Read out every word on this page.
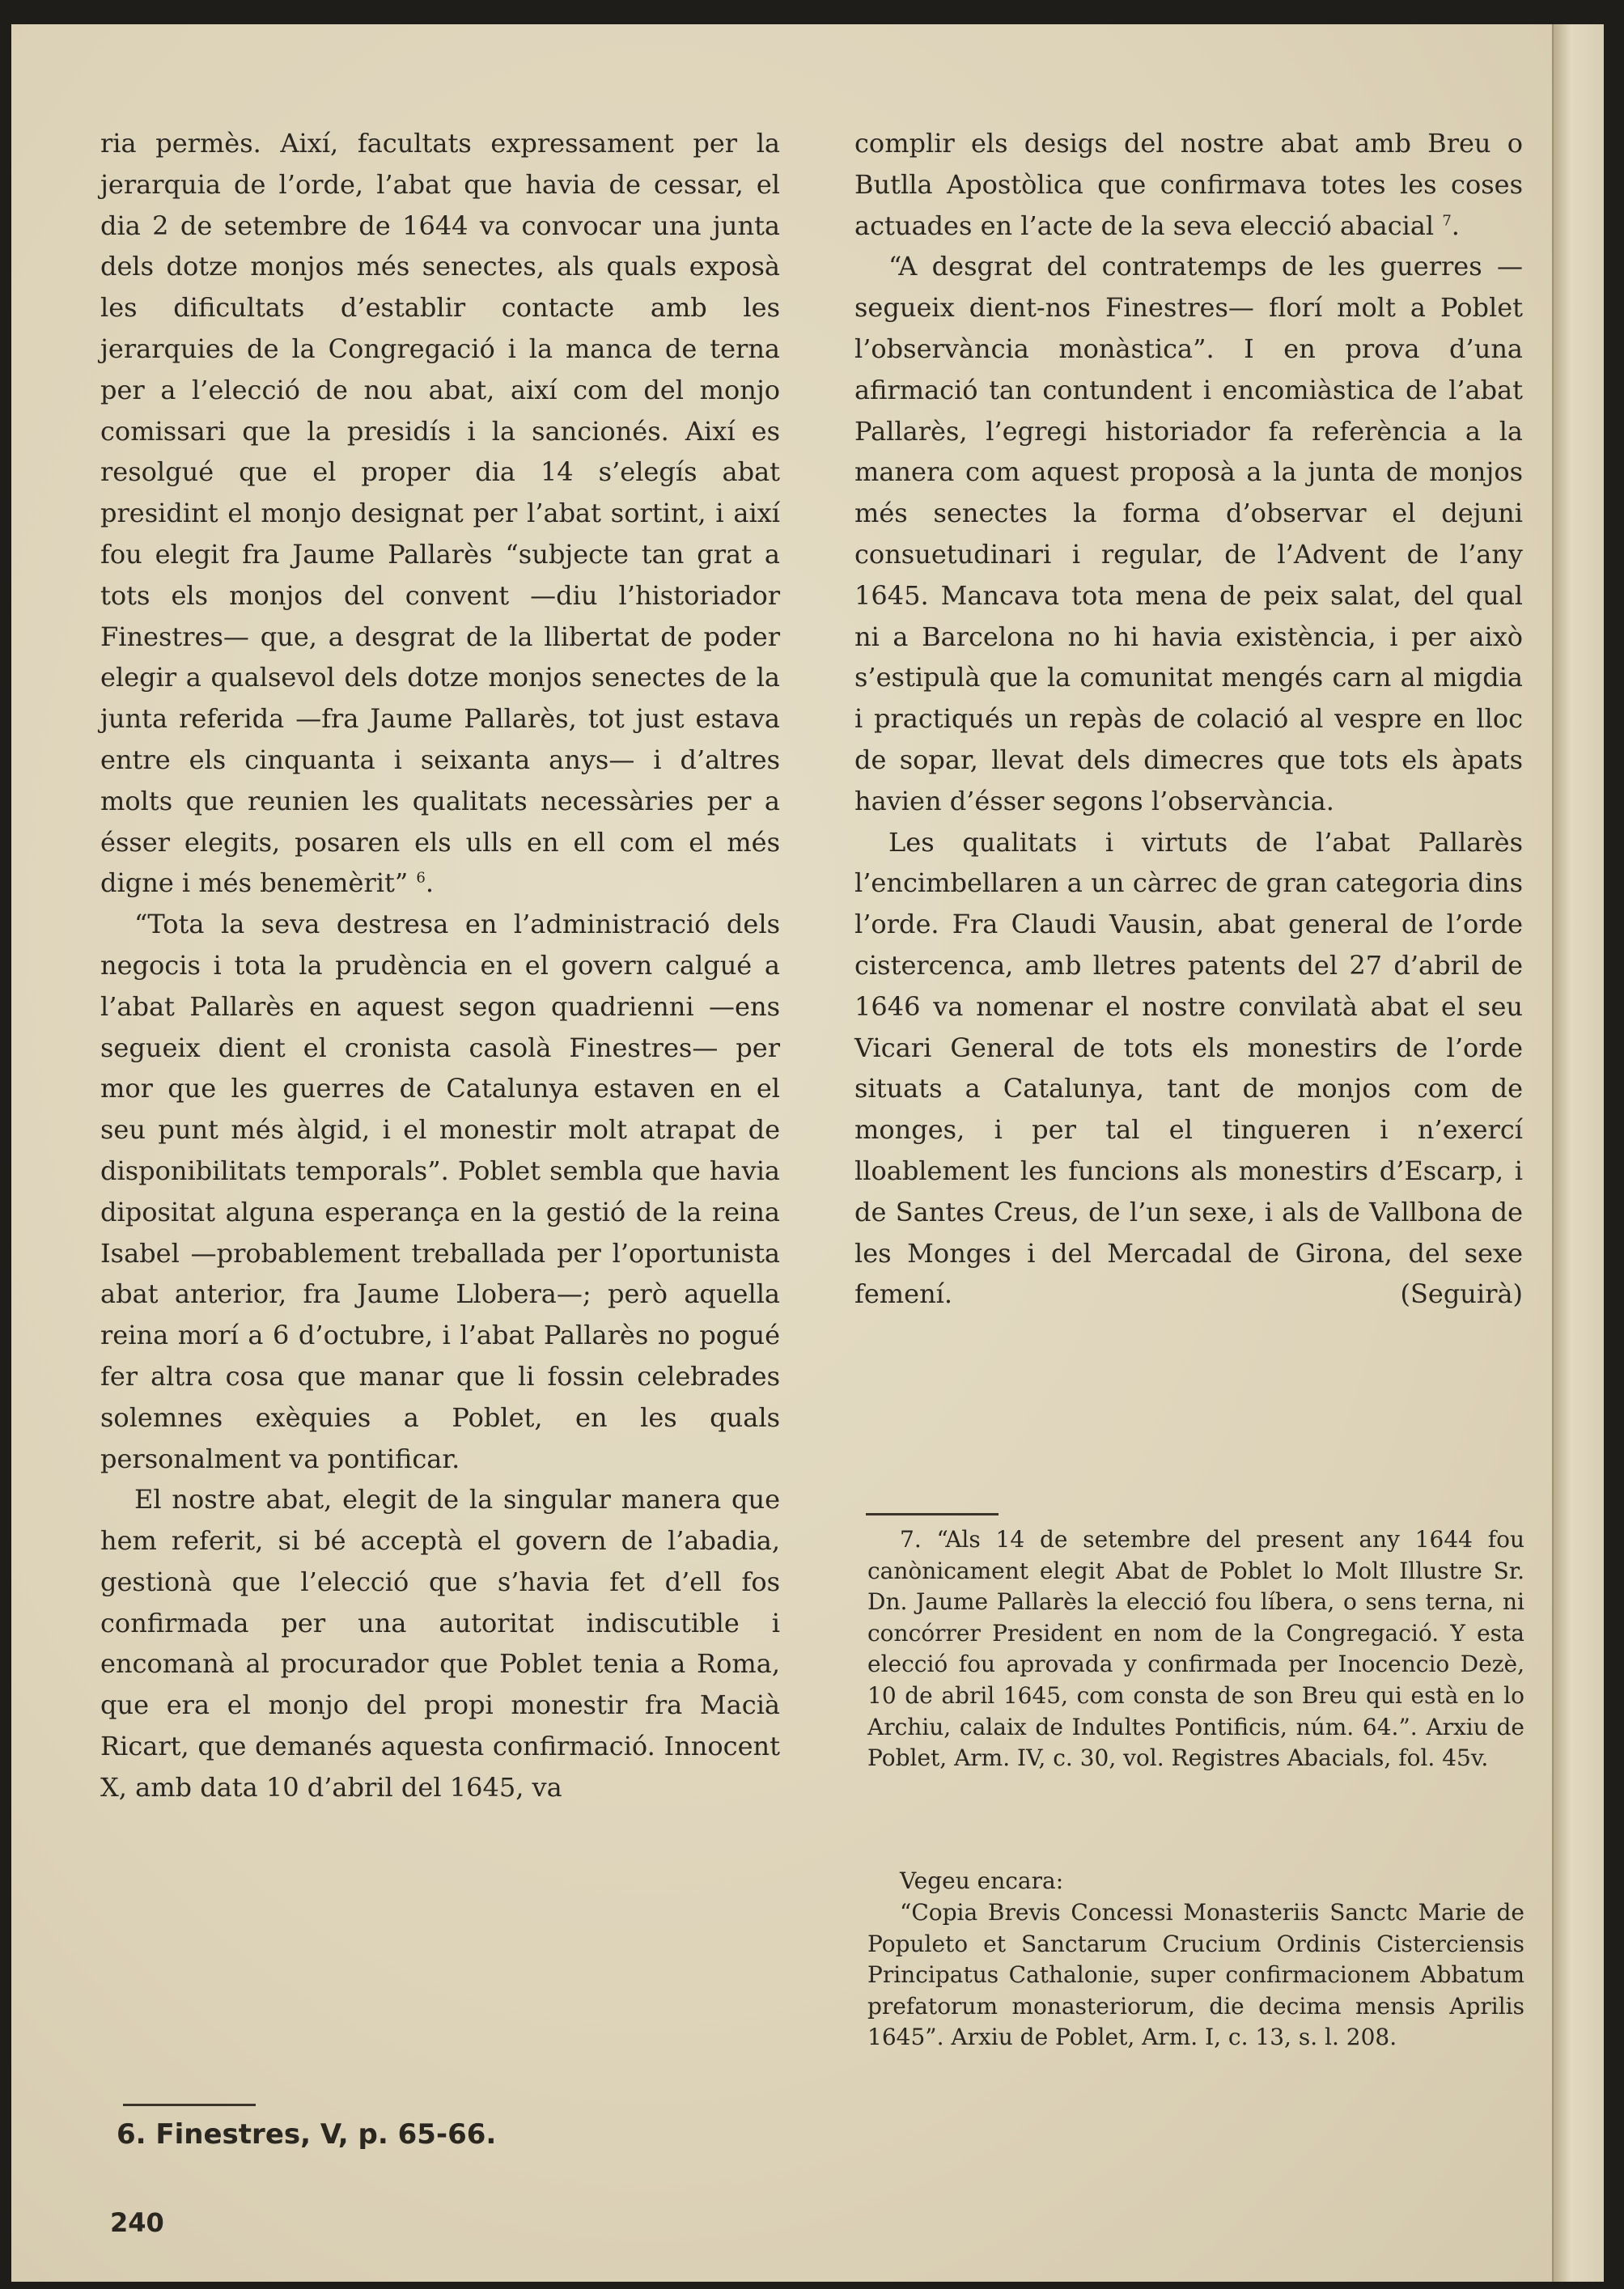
ria permès. Així, facultats expressament per la jerarquia de l’orde, l’abat que havia de cessar, el dia 2 de setembre de 1644 va convocar una junta dels dotze monjos més senectes, als quals exposà les dificultats d’establir contacte amb les jerarquies de la Congregació i la manca de terna per a l’elecció de nou abat, així com del monjo comissari que la presidís i la sancionés. Així es resolgué que el proper dia 14 s’elegís abat presidint el monjo designat per l’abat sortint, i així fou elegit fra Jaume Pallarès “subjecte tan grat a tots els monjos del convent —diu l’historiador Finestres— que, a desgrat de la llibertat de poder elegir a qualsevol dels dotze monjos senectes de la junta referida —fra Jaume Pallarès, tot just estava entre els cinquanta i seixanta anys— i d’altres molts que reunien les qualitats necessàries per a ésser elegits, posaren els ulls en ell com el més digne i més benemèrit” $^6$.

“Tota la seva destresa en l’administració dels negocis i tota la prudència en el govern calgué a l’abat Pallarès en aquest segon quadrienni —ens segueix dient el cronista casolà Finestres— per mor que les guerres de Catalunya estaven en el seu punt més àlgid, i el monestir molt atrapat de disponibilitats temporals”. Poblet sembla que havia dipositat alguna esperança en la gestió de la reina Isabel —probablement treballada per l’oportunista abat anterior, fra Jaume Llobera—; però aquella reina morí a 6 d’octubre, i l’abat Pallarès no pogué fer altra cosa que manar que li fossin celebrades solemnes exèquies a Poblet, en les quals personalment va pontificar.

El nostre abat, elegit de la singular manera que hem referit, si bé acceptà el govern de l’abadia, gestionà que l’elecció que s’havia fet d’ell fos confirmada per una autoritat indiscutible i encomanà al procurador que Poblet tenia a Roma, que era el monjo del propi monestir fra Macià Ricart, que demanés aquesta confirmació. Innocent X, amb data 10 d’abril del 1645, va

6. Finestres, V, p. 65-66.

complir els desigs del nostre abat amb Breu o Butlla Apostòlica que confirmava totes les coses actuades en l’acte de la seva elecció abacial $^7$.

“A desgrat del contratemps de les guerres —segueix dient-nos Finestres— florí molt a Poblet l’observància monàstica”. I en prova d’una afirmació tan contundent i encomiàstica de l’abat Pallarès, l’egregi historiador fa referència a la manera com aquest proposà a la junta de monjos més senectes la forma d’observar el dejuni consuetudinari i regular, de l’Advent de l’any 1645. Mancava tota mena de peix salat, del qual ni a Barcelona no hi havia existència, i per això s’estipulà que la comunitat mengés carn al migdia i practiqués un repàs de colació al vespre en lloc de sopar, llevat dels dimecres que tots els àpats havien d’ésser segons l’observància.

Les qualitats i virtuts de l’abat Pallarès l’encimbellaren a un càrrec de gran categoria dins l’orde. Fra Claudi Vausin, abat general de l’orde cistercenca, amb lletres patents del 27 d’abril de 1646 va nomenar el nostre convilatà abat el seu Vicari General de tots els monestirs de l’orde situats a Catalunya, tant de monjos com de monges, i per tal el tingueren i n’exercí lloablement les funcions als monestirs d’Escarp, i de Santes Creus, de l’un sexe, i als de Vallbona de les Monges i del Mercadal de Girona, del sexe femení.	(Seguirà)

7. “Als 14 de setembre del present any 1644 fou canònicament elegit Abat de Poblet lo Molt Illustre Sr. Dn. Jaume Pallarès la elecció fou líbera, o sens terna, ni concórrer President en nom de la Congregació. Y esta elecció fou aprovada y confirmada per Inocencio Dezè, 10 de abril 1645, com consta de son Breu qui està en lo Archiu, calaix de Indultes Pontificis, núm. 64.”. Arxiu de Poblet, Arm. IV, c. 30, vol. Registres Abacials, fol. 45v.

Vegeu encara:

“Copia Brevis Concessi Monasteriis Sanctc Marie de Populeto et Sanctarum Crucium Ordinis Cisterciensis Principatus Cathalonie, super confirmacionem Abbatum prefatorum monasteriorum, die decima mensis Aprilis 1645”. Arxiu de Poblet, Arm. I, c. 13, s. l. 208.

240
